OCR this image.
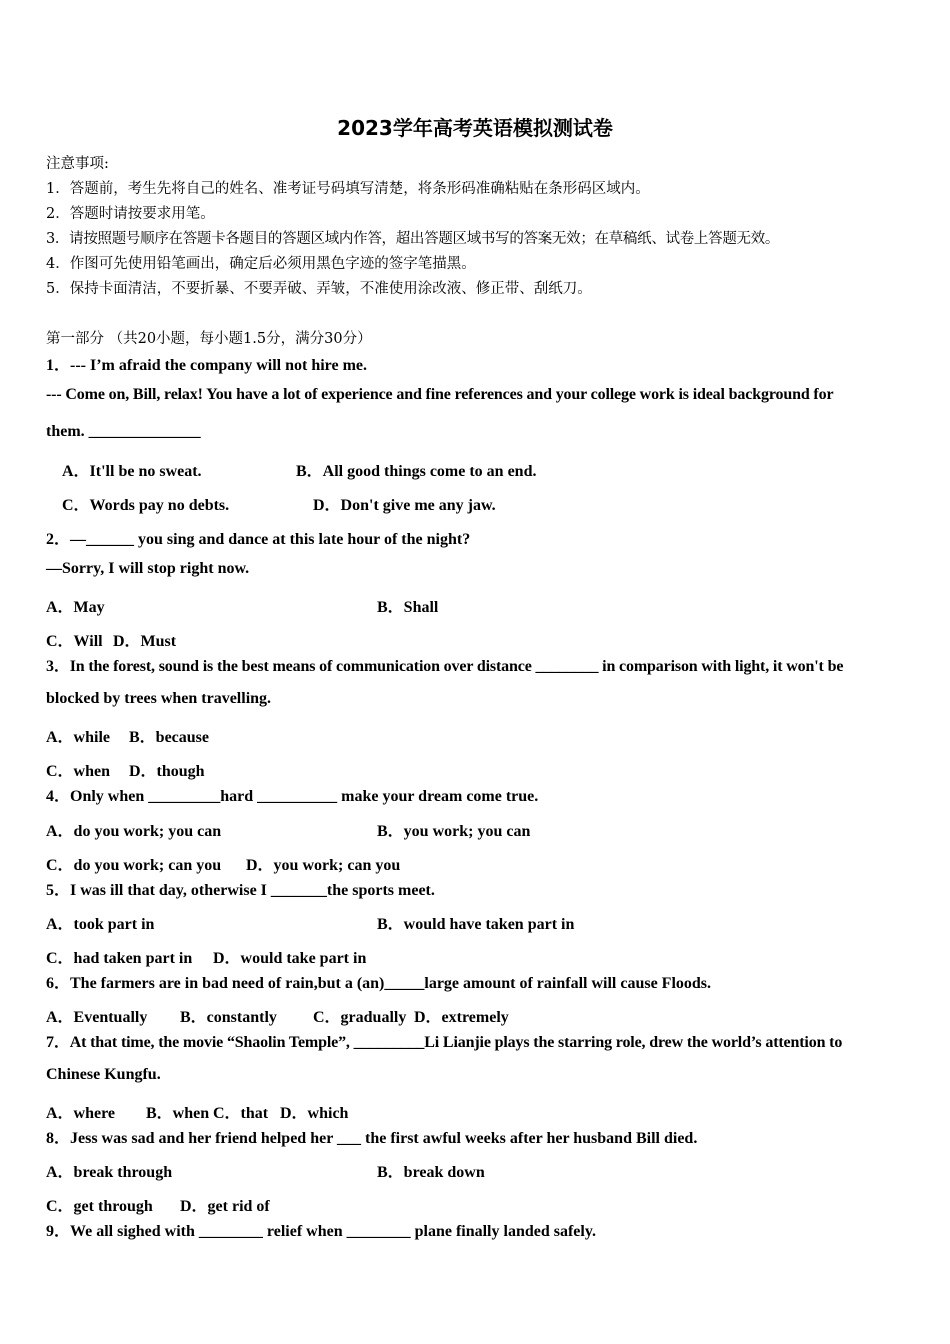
2023学年高考英语模拟测试卷
注意事项:
1．答题前，考生先将自己的姓名、准考证号码填写清楚，将条形码准确粘贴在条形码区域内。
2．答题时请按要求用笔。
3．请按照题号顺序在答题卡各题目的答题区域内作答，超出答题区域书写的答案无效；在草稿纸、试卷上答题无效。
4．作图可先使用铅笔画出，确定后必须用黑色字迹的签字笔描黑。
5．保持卡面清洁，不要折暴、不要弄破、弄皱，不准使用涂改液、修正带、刮纸刀。
第一部分 （共20小题，每小题1.5分，满分30分）
1．--- I’m afraid the company will not hire me.
--- Come on, Bill, relax! You have a lot of experience and fine references and your college work is ideal background for
them. ______________
A．It'll be no sweat.	B．All good things come to an end.
C．Words pay no debts.	D．Don't give me any jaw.
2．—______ you sing and dance at this late hour of the night?
—Sorry, I will stop right now.
A．May	B．Shall
C．Will D．Must
3．In the forest, sound is the best means of communication over distance ________ in comparison with light, it won't be
blocked by trees when travelling.
A．while B．because
C．when D．though
4．Only when _________hard __________ make your dream come true.
A．do you work; you can	B．you work; you can
C．do you work; can you D．you work; can you
5．I was ill that day, otherwise I _______the sports meet.
A．took part in	B．would have taken part in
C．had taken part in D．would take part in
6．The farmers are in bad need of rain,but a (an)_____large amount of rainfall will cause Floods.
A．Eventually B．constantly C．gradually D．extremely
7．At that time, the movie “Shaolin Temple”, _________Li Lianjie plays the starring role, drew the world’s attention to
Chinese Kungfu.
A．where B．when C．that D．which
8．Jess was sad and her friend helped her ___ the first awful weeks after her husband Bill died.
A．break through	B．break down
C．get through D．get rid of
9．We all sighed with ________ relief when ________ plane finally landed safely.
